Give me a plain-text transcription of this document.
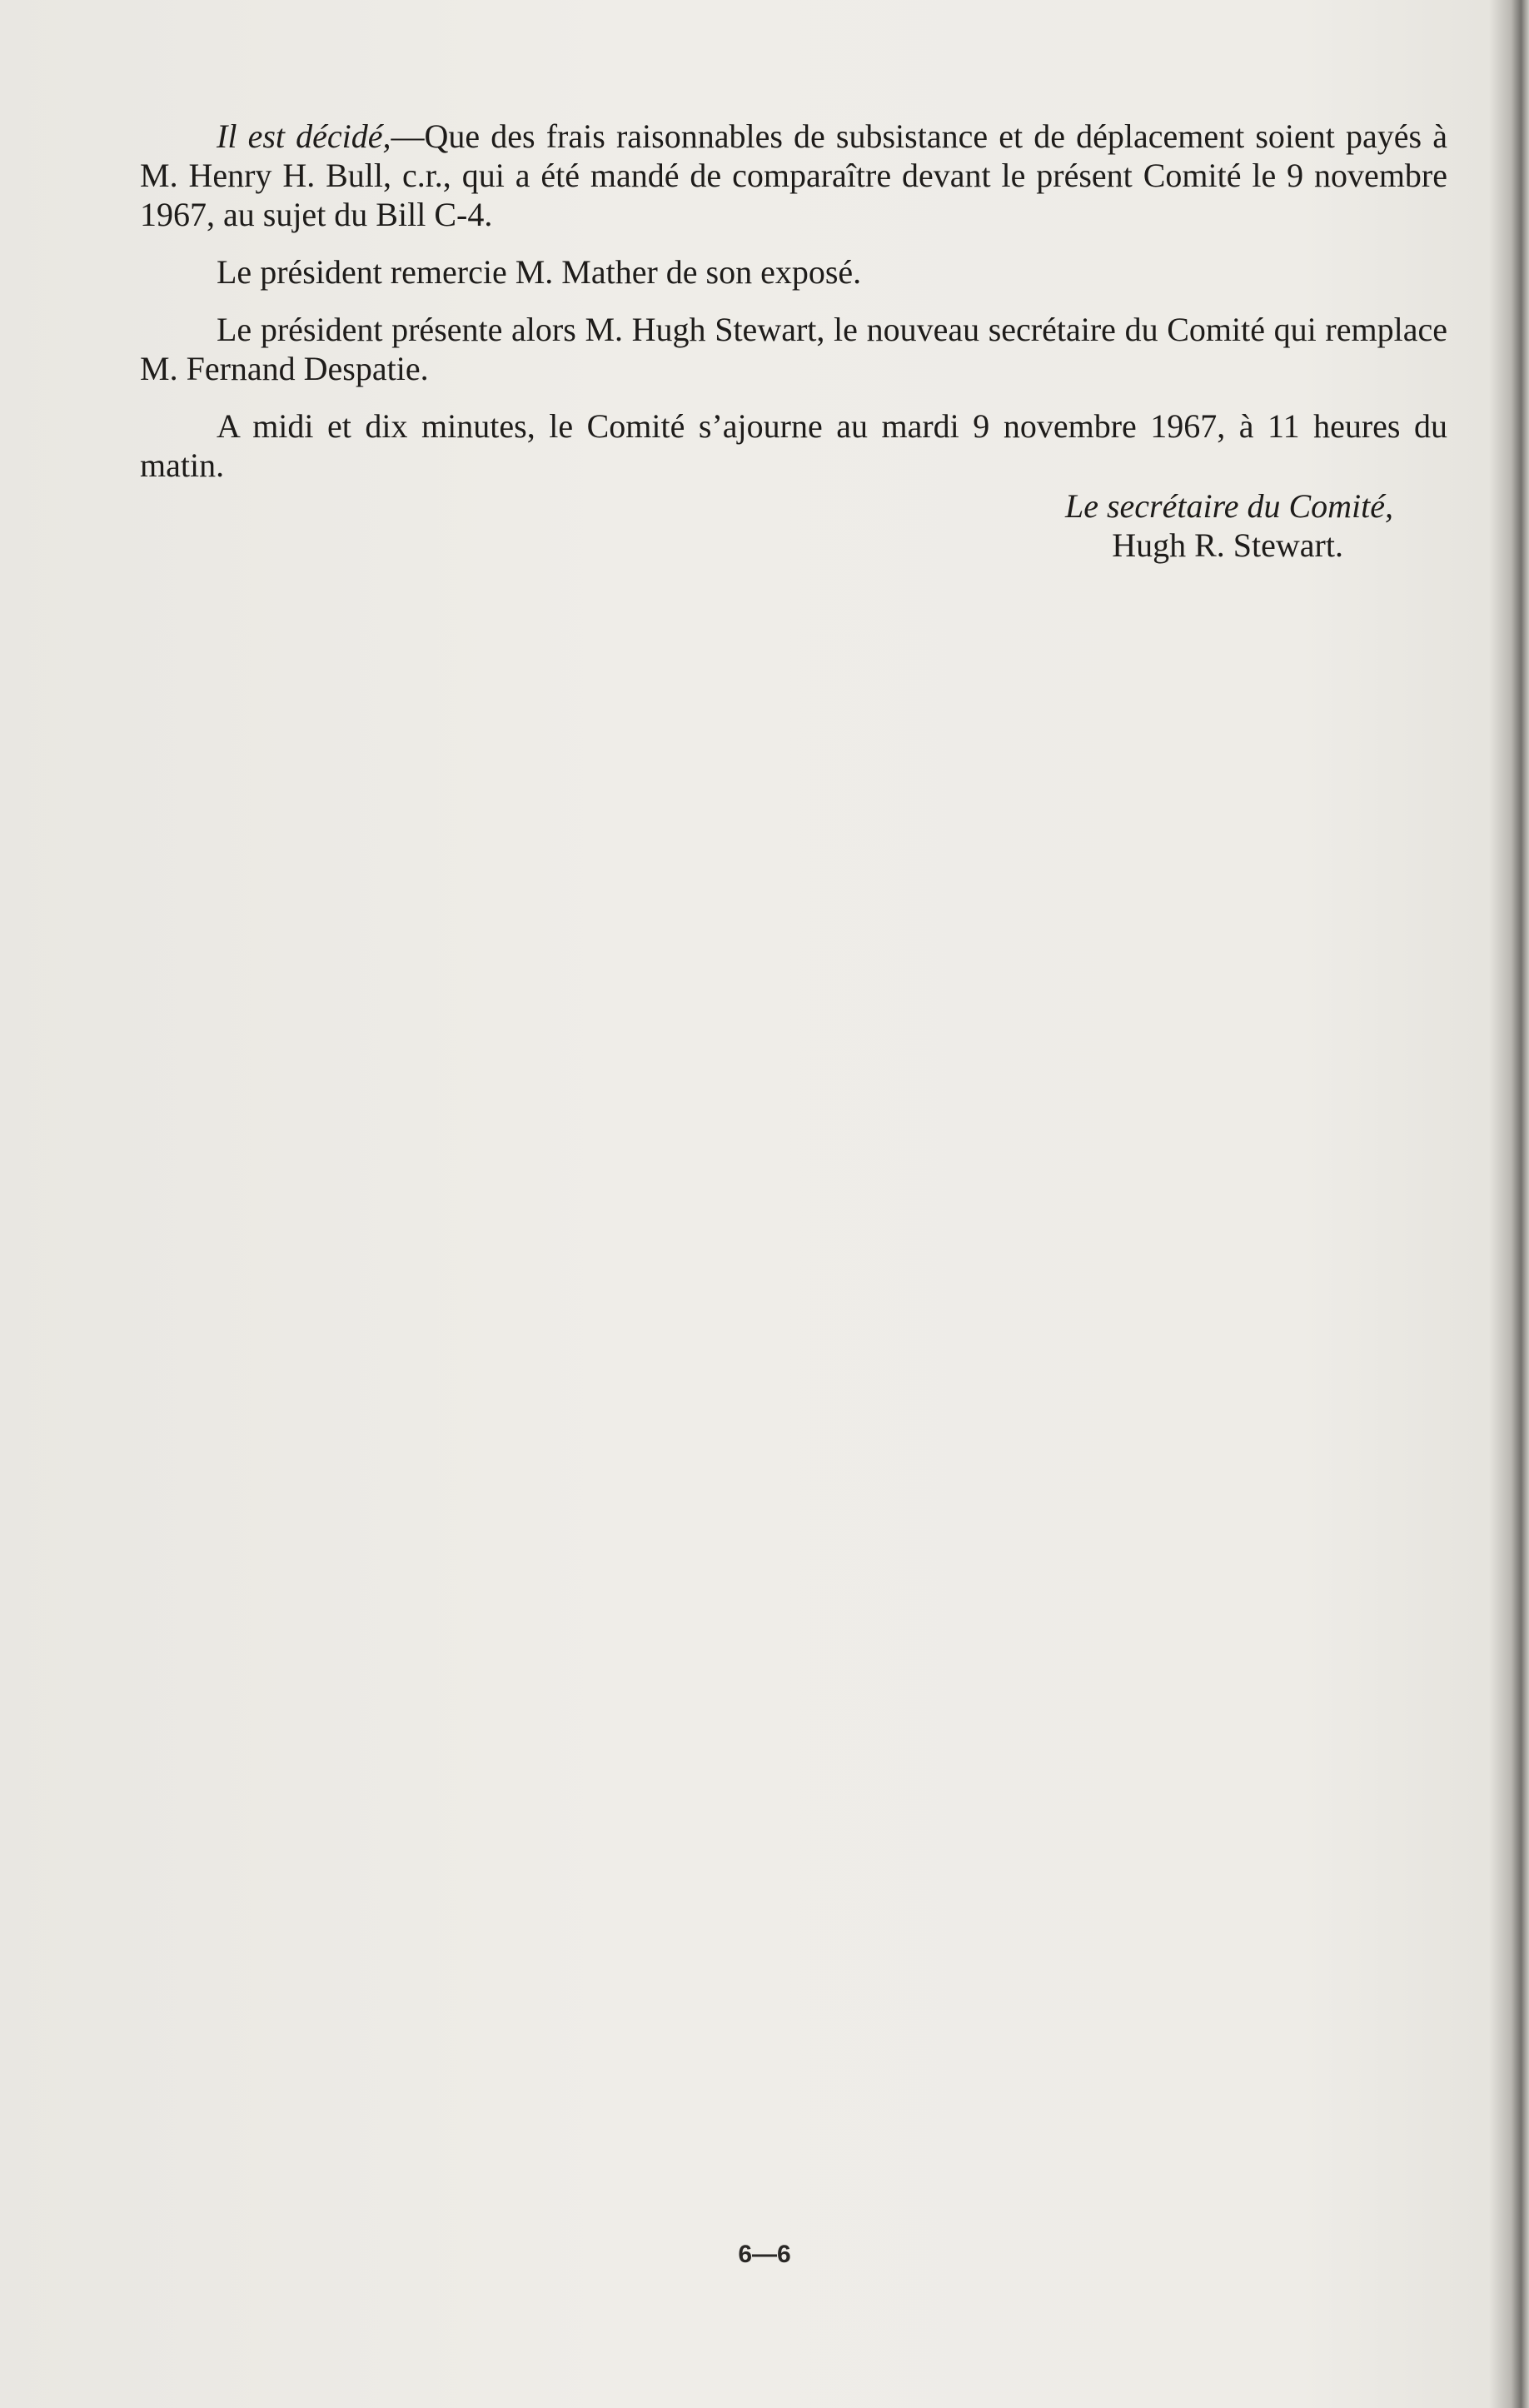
Il est décidé,—Que des frais raisonnables de subsistance et de déplacement soient payés à M. Henry H. Bull, c.r., qui a été mandé de comparaître devant le présent Comité le 9 novembre 1967, au sujet du Bill C-4.

Le président remercie M. Mather de son exposé.

Le président présente alors M. Hugh Stewart, le nouveau secrétaire du Comité qui remplace M. Fernand Despatie.

A midi et dix minutes, le Comité s’ajourne au mardi 9 novembre 1967, à 11 heures du matin.

Le secrétaire du Comité,
Hugh R. Stewart.
6—6
